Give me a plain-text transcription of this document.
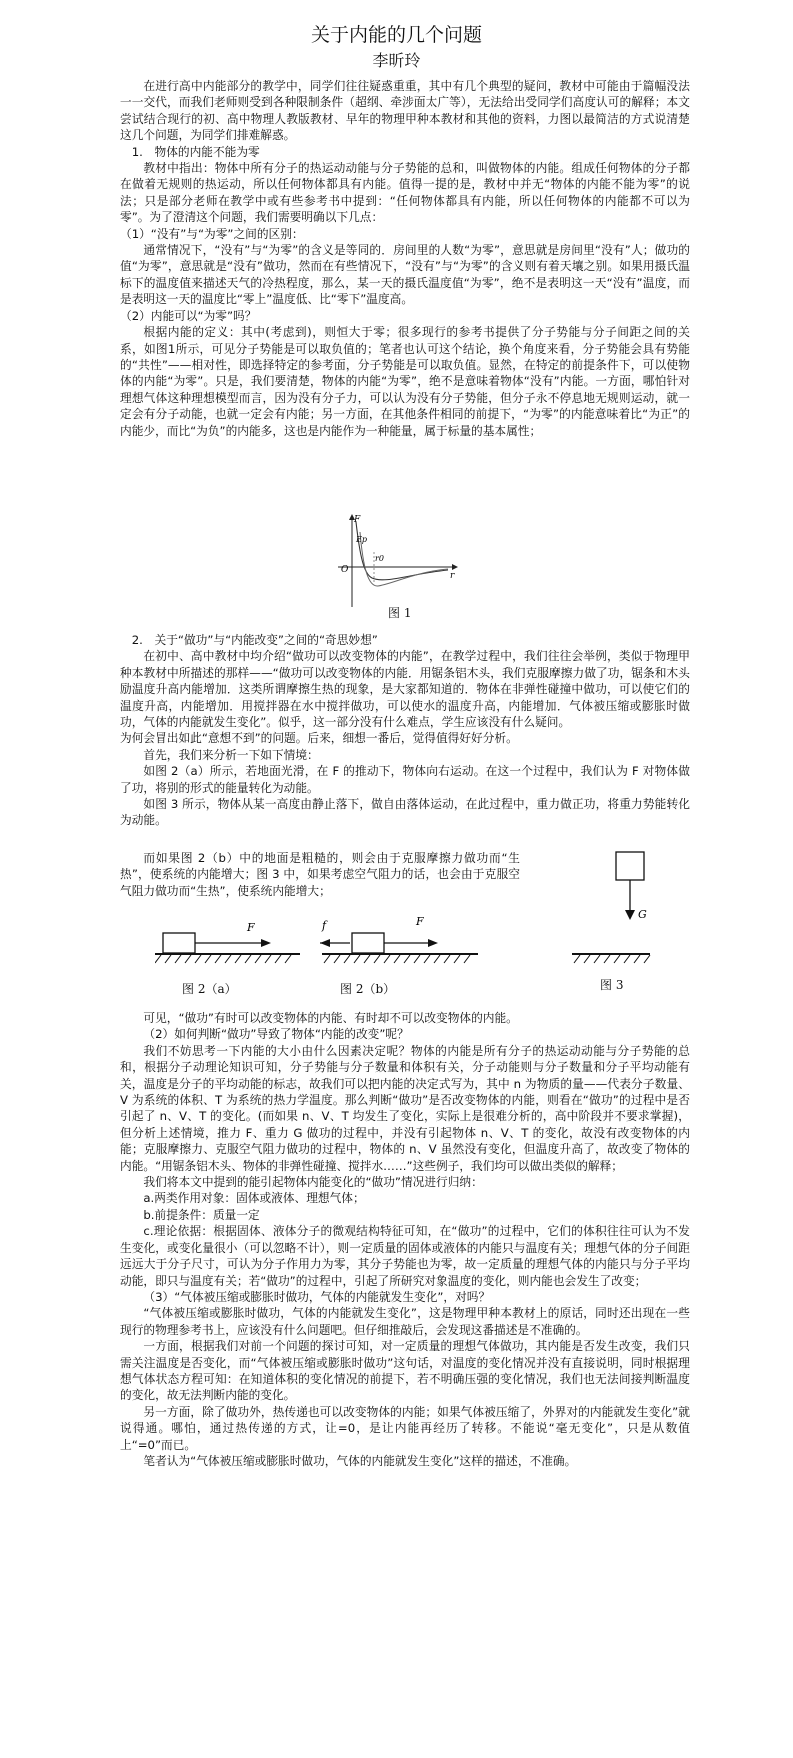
关于内能的几个问题
李昕玲

在进行高中内能部分的教学中，同学们往往疑惑重重，其中有几个典型的疑问，教材中可能由于篇幅没法一一交代，而我们老师则受到各种限制条件（超纲、牵涉面太广等），无法给出受同学们高度认可的解释；本文尝试结合现行的初、高中物理人教版教材、早年的物理甲种本教材和其他的资料，力图以最简洁的方式说清楚这几个问题，为同学们排难解惑。

1.　物体的内能不能为零

教材中指出：物体中所有分子的热运动动能与分子势能的总和，叫做物体的内能。组成任何物体的分子都在做着无规则的热运动，所以任何物体都具有内能。值得一提的是，教材中并无“物体的内能不能为零”的说法；只是部分老师在教学中或有些参考书中提到：“任何物体都具有内能，所以任何物体的内能都不可以为零”。为了澄清这个问题，我们需要明确以下几点：

（1）“没有”与“为零”之间的区别：

通常情况下，“没有”与“为零”的含义是等同的．房间里的人数“为零”，意思就是房间里“没有”人；做功的值“为零”，意思就是“没有”做功，然而在有些情况下，“没有”与“为零”的含义则有着天壤之别。如果用摄氏温标下的温度值来描述天气的冷热程度，那么，某一天的摄氏温度值“为零”，绝不是表明这一天“没有”温度，而是表明这一天的温度比“零上”温度低、比“零下”温度高。

（2）内能可以“为零”吗？

根据内能的定义：其中(考虑到)，则恒大于零；很多现行的参考书提供了分子势能与分子间距之间的关系，如图1所示，可见分子势能是可以取负值的；笔者也认可这个结论，换个角度来看，分子势能会具有势能的“共性”——相对性，即选择特定的参考面，分子势能是可以取负值。显然，在特定的前提条件下，可以使物体的内能“为零”。只是，我们要清楚，物体的内能“为零”，绝不是意味着物体“没有”内能。一方面，哪怕针对理想气体这种理想模型而言，因为没有分子力，可以认为没有分子势能，但分子永不停息地无规则运动，就一定会有分子动能，也就一定会有内能；另一方面，在其他条件相同的前提下，“为零”的内能意味着比“为正”的内能少，而比“为负”的内能多，这也是内能作为一种能量，属于标量的基本属性；

F
O
r
Ep
r0
图 1

2.　关于“做功”与“内能改变”之间的“奇思妙想”

在初中、高中教材中均介绍“做功可以改变物体的内能”，在教学过程中，我们往往会举例，类似于物理甲种本教材中所描述的那样——“做功可以改变物体的内能．用锯条铝木头，我们克服摩擦力做了功，锯条和木头励温度升高内能增加．这类所谓摩擦生热的现象，是大家都知道的．物体在非弹性碰撞中做功，可以使它们的温度升高，内能增加．用搅拌器在水中搅拌做功，可以使水的温度升高，内能增加．气体被压缩或膨胀时做功，气体的内能就发生变化”。似乎，这一部分没有什么难点，学生应该没有什么疑问。

为何会冒出如此“意想不到”的问题。后来，细想一番后，觉得值得好好分析。

首先，我们来分析一下如下情境：

如图 2（a）所示，若地面光滑，在 F 的推动下，物体向右运动。在这一个过程中，我们认为 F 对物体做了功，将别的形式的能量转化为动能。

如图 3 所示，物体从某一高度由静止落下，做自由落体运动，在此过程中，重力做正功，将重力势能转化为动能。

而如果图 2（b）中的地面是粗糙的，则会由于克服摩擦力做功而“生热”，使系统的内能增大；图 3 中，如果考虑空气阻力的话，也会由于克服空气阻力做功而“生热”，使系统内能增大；

G
F
图 2（a）
f	F
图 2（b）	图 3

可见，“做功”有时可以改变物体的内能、有时却不可以改变物体的内能。

（2）如何判断“做功”导致了物体“内能的改变”呢？

我们不妨思考一下内能的大小由什么因素决定呢？物体的内能是所有分子的热运动动能与分子势能的总和，根据分子动理论知识可知，分子势能与分子数量和体积有关，分子动能则与分子数量和分子平均动能有关，温度是分子的平均动能的标志，故我们可以把内能的决定式写为，其中 n 为物质的量——代表分子数量、V 为系统的体积、T 为系统的热力学温度。那么判断“做功”是否改变物体的内能，则看在“做功”的过程中是否引起了 n、V、T 的变化。(而如果 n、V、T 均发生了变化，实际上是很难分析的，高中阶段并不要求掌握)，但分析上述情境，推力 F、重力 G 做功的过程中，并没有引起物体 n、V、T 的变化，故没有改变物体的内能；克服摩擦力、克服空气阻力做功的过程中，物体的 n、V 虽然没有变化，但温度升高了，故改变了物体的内能。“用锯条铝木头、物体的非弹性碰撞、搅拌水……”这些例子，我们均可以做出类似的解释；

我们将本文中提到的能引起物体内能变化的“做功”情况进行归纳：

a.两类作用对象：固体或液体、理想气体；

b.前提条件：质量一定

c.理论依据：根据固体、液体分子的微观结构特征可知，在“做功”的过程中，它们的体积往往可认为不发生变化，或变化量很小（可以忽略不计），则一定质量的固体或液体的内能只与温度有关；理想气体的分子间距远远大于分子尺寸，可认为分子作用力为零，其分子势能也为零，故一定质量的理想气体的内能只与分子平均动能，即只与温度有关；若“做功”的过程中，引起了所研究对象温度的变化，则内能也会发生了改变；

（3）“气体被压缩或膨胀时做功，气体的内能就发生变化”，对吗？

“气体被压缩或膨胀时做功，气体的内能就发生变化”，这是物理甲种本教材上的原话，同时还出现在一些现行的物理参考书上，应该没有什么问题吧。但仔细推敲后，会发现这番描述是不准确的。

一方面，根据我们对前一个问题的探讨可知，对一定质量的理想气体做功，其内能是否发生改变，我们只需关注温度是否变化，而“气体被压缩或膨胀时做功”这句话，对温度的变化情况并没有直接说明，同时根据理想气体状态方程可知：在知道体积的变化情况的前提下，若不明确压强的变化情况，我们也无法间接判断温度的变化，故无法判断内能的变化。

另一方面，除了做功外，热传递也可以改变物体的内能；如果气体被压缩了，外界对的内能就发生变化”就说得通。哪怕，通过热传递的方式，让=0，是让内能再经历了转移。不能说“毫无变化”，只是从数值上“=0”而已。

笔者认为“气体被压缩或膨胀时做功，气体的内能就发生变化”这样的描述，不准确。
